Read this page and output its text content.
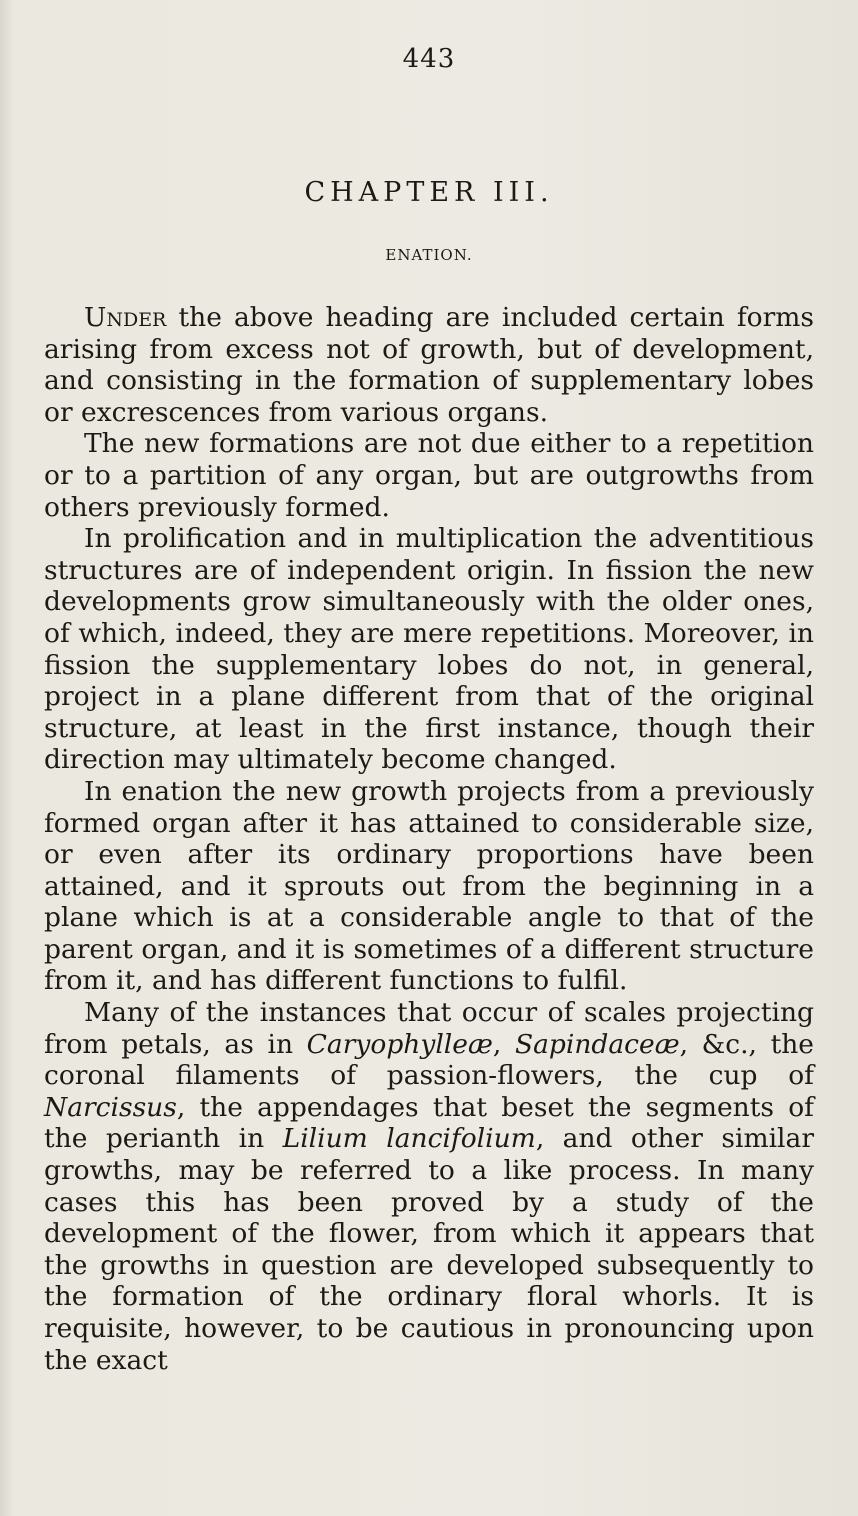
443
CHAPTER III.
ENATION.

Under the above heading are included certain forms arising from excess not of growth, but of development, and consisting in the formation of supplementary lobes or excrescences from various organs.

The new formations are not due either to a repetition or to a partition of any organ, but are outgrowths from others previously formed.

In prolification and in multiplication the adventitious structures are of independent origin. In fission the new developments grow simultaneously with the older ones, of which, indeed, they are mere repetitions. Moreover, in fission the supplementary lobes do not, in general, project in a plane different from that of the original structure, at least in the first instance, though their direction may ultimately become changed.

In enation the new growth projects from a previously formed organ after it has attained to considerable size, or even after its ordinary proportions have been attained, and it sprouts out from the beginning in a plane which is at a considerable angle to that of the parent organ, and it is sometimes of a different structure from it, and has different functions to fulfil.

Many of the instances that occur of scales projecting from petals, as in Caryophylleæ, Sapindaceæ, &c., the coronal filaments of passion-flowers, the cup of Narcissus, the appendages that beset the segments of the perianth in Lilium lancifolium, and other similar growths, may be referred to a like process. In many cases this has been proved by a study of the development of the flower, from which it appears that the growths in question are developed subsequently to the formation of the ordinary floral whorls. It is requisite, however, to be cautious in pronouncing upon the exact
